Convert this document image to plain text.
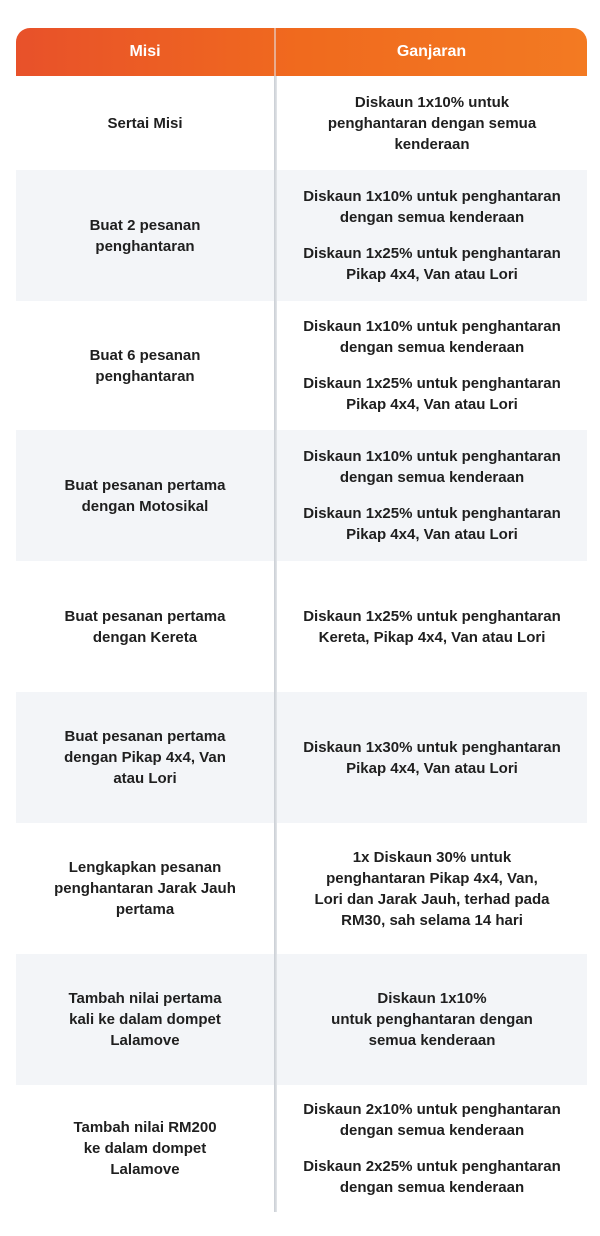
Misi	Ganjaran
Sertai Misi
Diskaun 1x10% untuk
penghantaran dengan semua
kenderaan
Buat 2 pesanan
penghantaran
Diskaun 1x10% untuk penghantaran
dengan semua kenderaan
Diskaun 1x25% untuk penghantaran
Pikap 4x4, Van atau Lori
Buat 6 pesanan
penghantaran
Diskaun 1x10% untuk penghantaran
dengan semua kenderaan
Diskaun 1x25% untuk penghantaran
Pikap 4x4, Van atau Lori
Buat pesanan pertama
dengan Motosikal
Diskaun 1x10% untuk penghantaran
dengan semua kenderaan
Diskaun 1x25% untuk penghantaran
Pikap 4x4, Van atau Lori
Buat pesanan pertama
dengan Kereta
Diskaun 1x25% untuk penghantaran
Kereta, Pikap 4x4, Van atau Lori
Buat pesanan pertama
dengan Pikap 4x4, Van
atau Lori
Diskaun 1x30% untuk penghantaran
Pikap 4x4, Van atau Lori
Lengkapkan pesanan
penghantaran Jarak Jauh
pertama
1x Diskaun 30% untuk
penghantaran Pikap 4x4, Van,
Lori dan Jarak Jauh, terhad pada
RM30, sah selama 14 hari
Tambah nilai pertama
kali ke dalam dompet
Lalamove
Diskaun 1x10%
untuk penghantaran dengan
semua kenderaan
Tambah nilai RM200
ke dalam dompet
Lalamove
Diskaun 2x10% untuk penghantaran
dengan semua kenderaan
Diskaun 2x25% untuk penghantaran
dengan semua kenderaan
